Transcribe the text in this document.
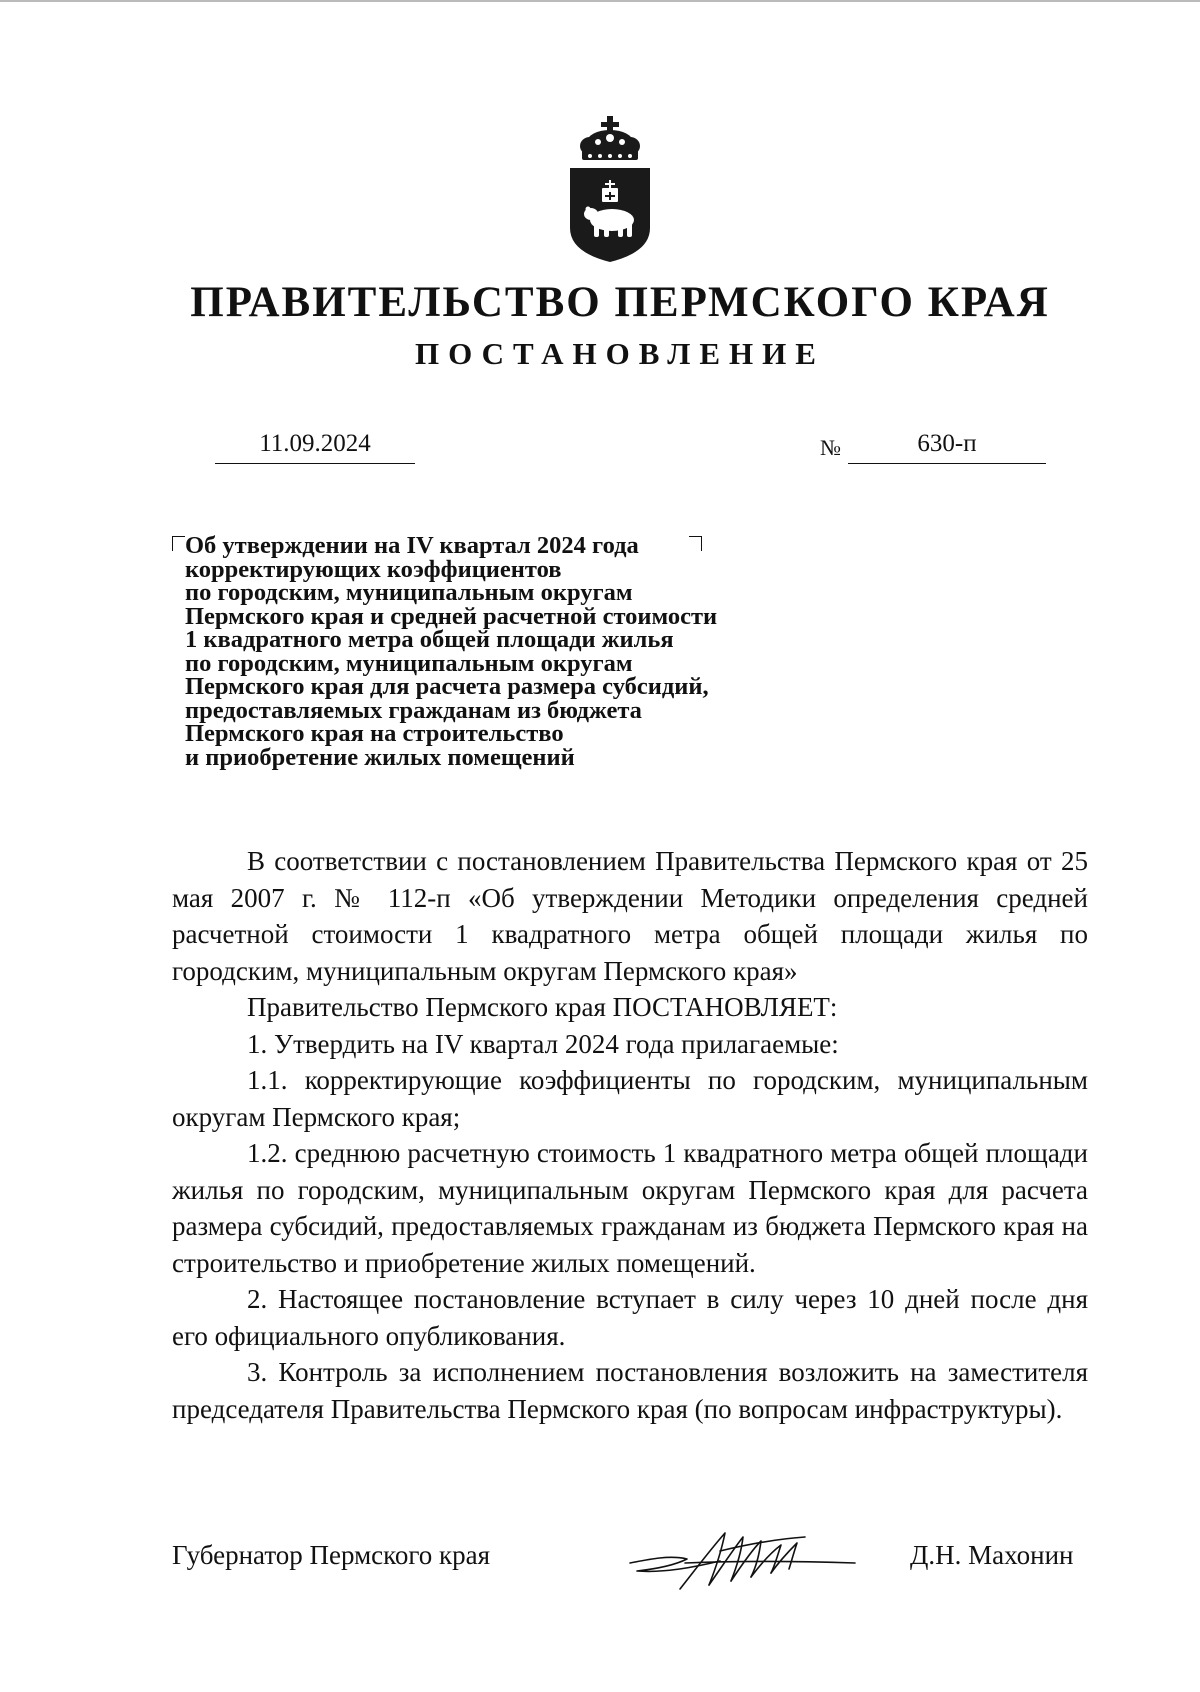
ПРАВИТЕЛЬСТВО ПЕРМСКОГО КРАЯ
ПОСТАНОВЛЕНИЕ
11.09.2024	№	630-п
Об утверждении на IV квартал 2024 года
корректирующих коэффициентов
по городским, муниципальным округам
Пермского края и средней расчетной стоимости
1 квадратного метра общей площади жилья
по городским, муниципальным округам
Пермского края для расчета размера субсидий,
предоставляемых гражданам из бюджета
Пермского края на строительство
и приобретение жилых помещений

В соответствии с постановлением Правительства Пермского края от 25 мая 2007 г. № 112-п «Об утверждении Методики определения средней расчетной стоимости 1 квадратного метра общей площади жилья по городским, муниципальным округам Пермского края»

Правительство Пермского края ПОСТАНОВЛЯЕТ:

1. Утвердить на IV квартал 2024 года прилагаемые:

1.1. корректирующие коэффициенты по городским, муниципальным округам Пермского края;

1.2. среднюю расчетную стоимость 1 квадратного метра общей площади жилья по городским, муниципальным округам Пермского края для расчета размера субсидий, предоставляемых гражданам из бюджета Пермского края на строительство и приобретение жилых помещений.

2. Настоящее постановление вступает в силу через 10 дней после дня его официального опубликования.

3. Контроль за исполнением постановления возложить на заместителя председателя Правительства Пермского края (по вопросам инфраструктуры).

Губернатор Пермского края	Д.Н. Махонин
